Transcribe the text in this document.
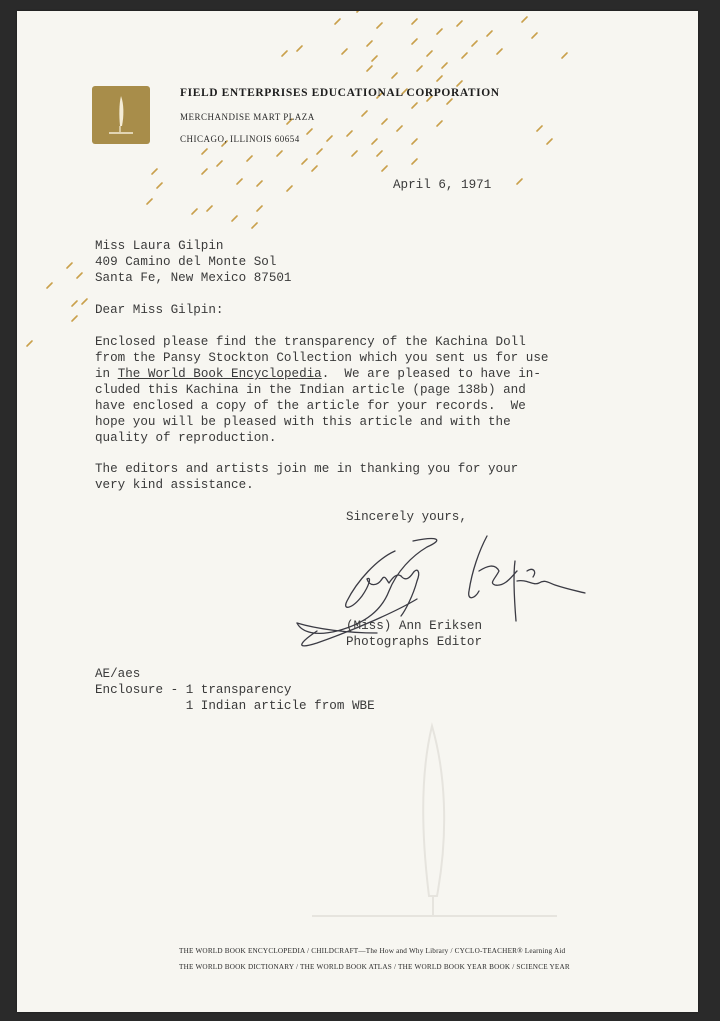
FIELD ENTERPRISES EDUCATIONAL CORPORATION
MERCHANDISE MART PLAZA
CHICAGO, ILLINOIS 60654
April 6, 1971
Miss Laura Gilpin
409 Camino del Monte Sol
Santa Fe, New Mexico 87501
Dear Miss Gilpin:
Enclosed please find the transparency of the Kachina Doll
from the Pansy Stockton Collection which you sent us for use
in The World Book Encyclopedia.  We are pleased to have in-
cluded this Kachina in the Indian article (page 138b) and
have enclosed a copy of the article for your records.  We
hope you will be pleased with this article and with the
quality of reproduction.
The editors and artists join me in thanking you for your
very kind assistance.
Sincerely yours,
(Miss) Ann Eriksen
Photographs Editor
AE/aes
Enclosure - 1 transparency
1 Indian article from WBE
THE WORLD BOOK ENCYCLOPEDIA / CHILDCRAFT—The How and Why Library / CYCLO-TEACHER® Learning Aid
THE WORLD BOOK DICTIONARY / THE WORLD BOOK ATLAS / THE WORLD BOOK YEAR BOOK / SCIENCE YEAR
